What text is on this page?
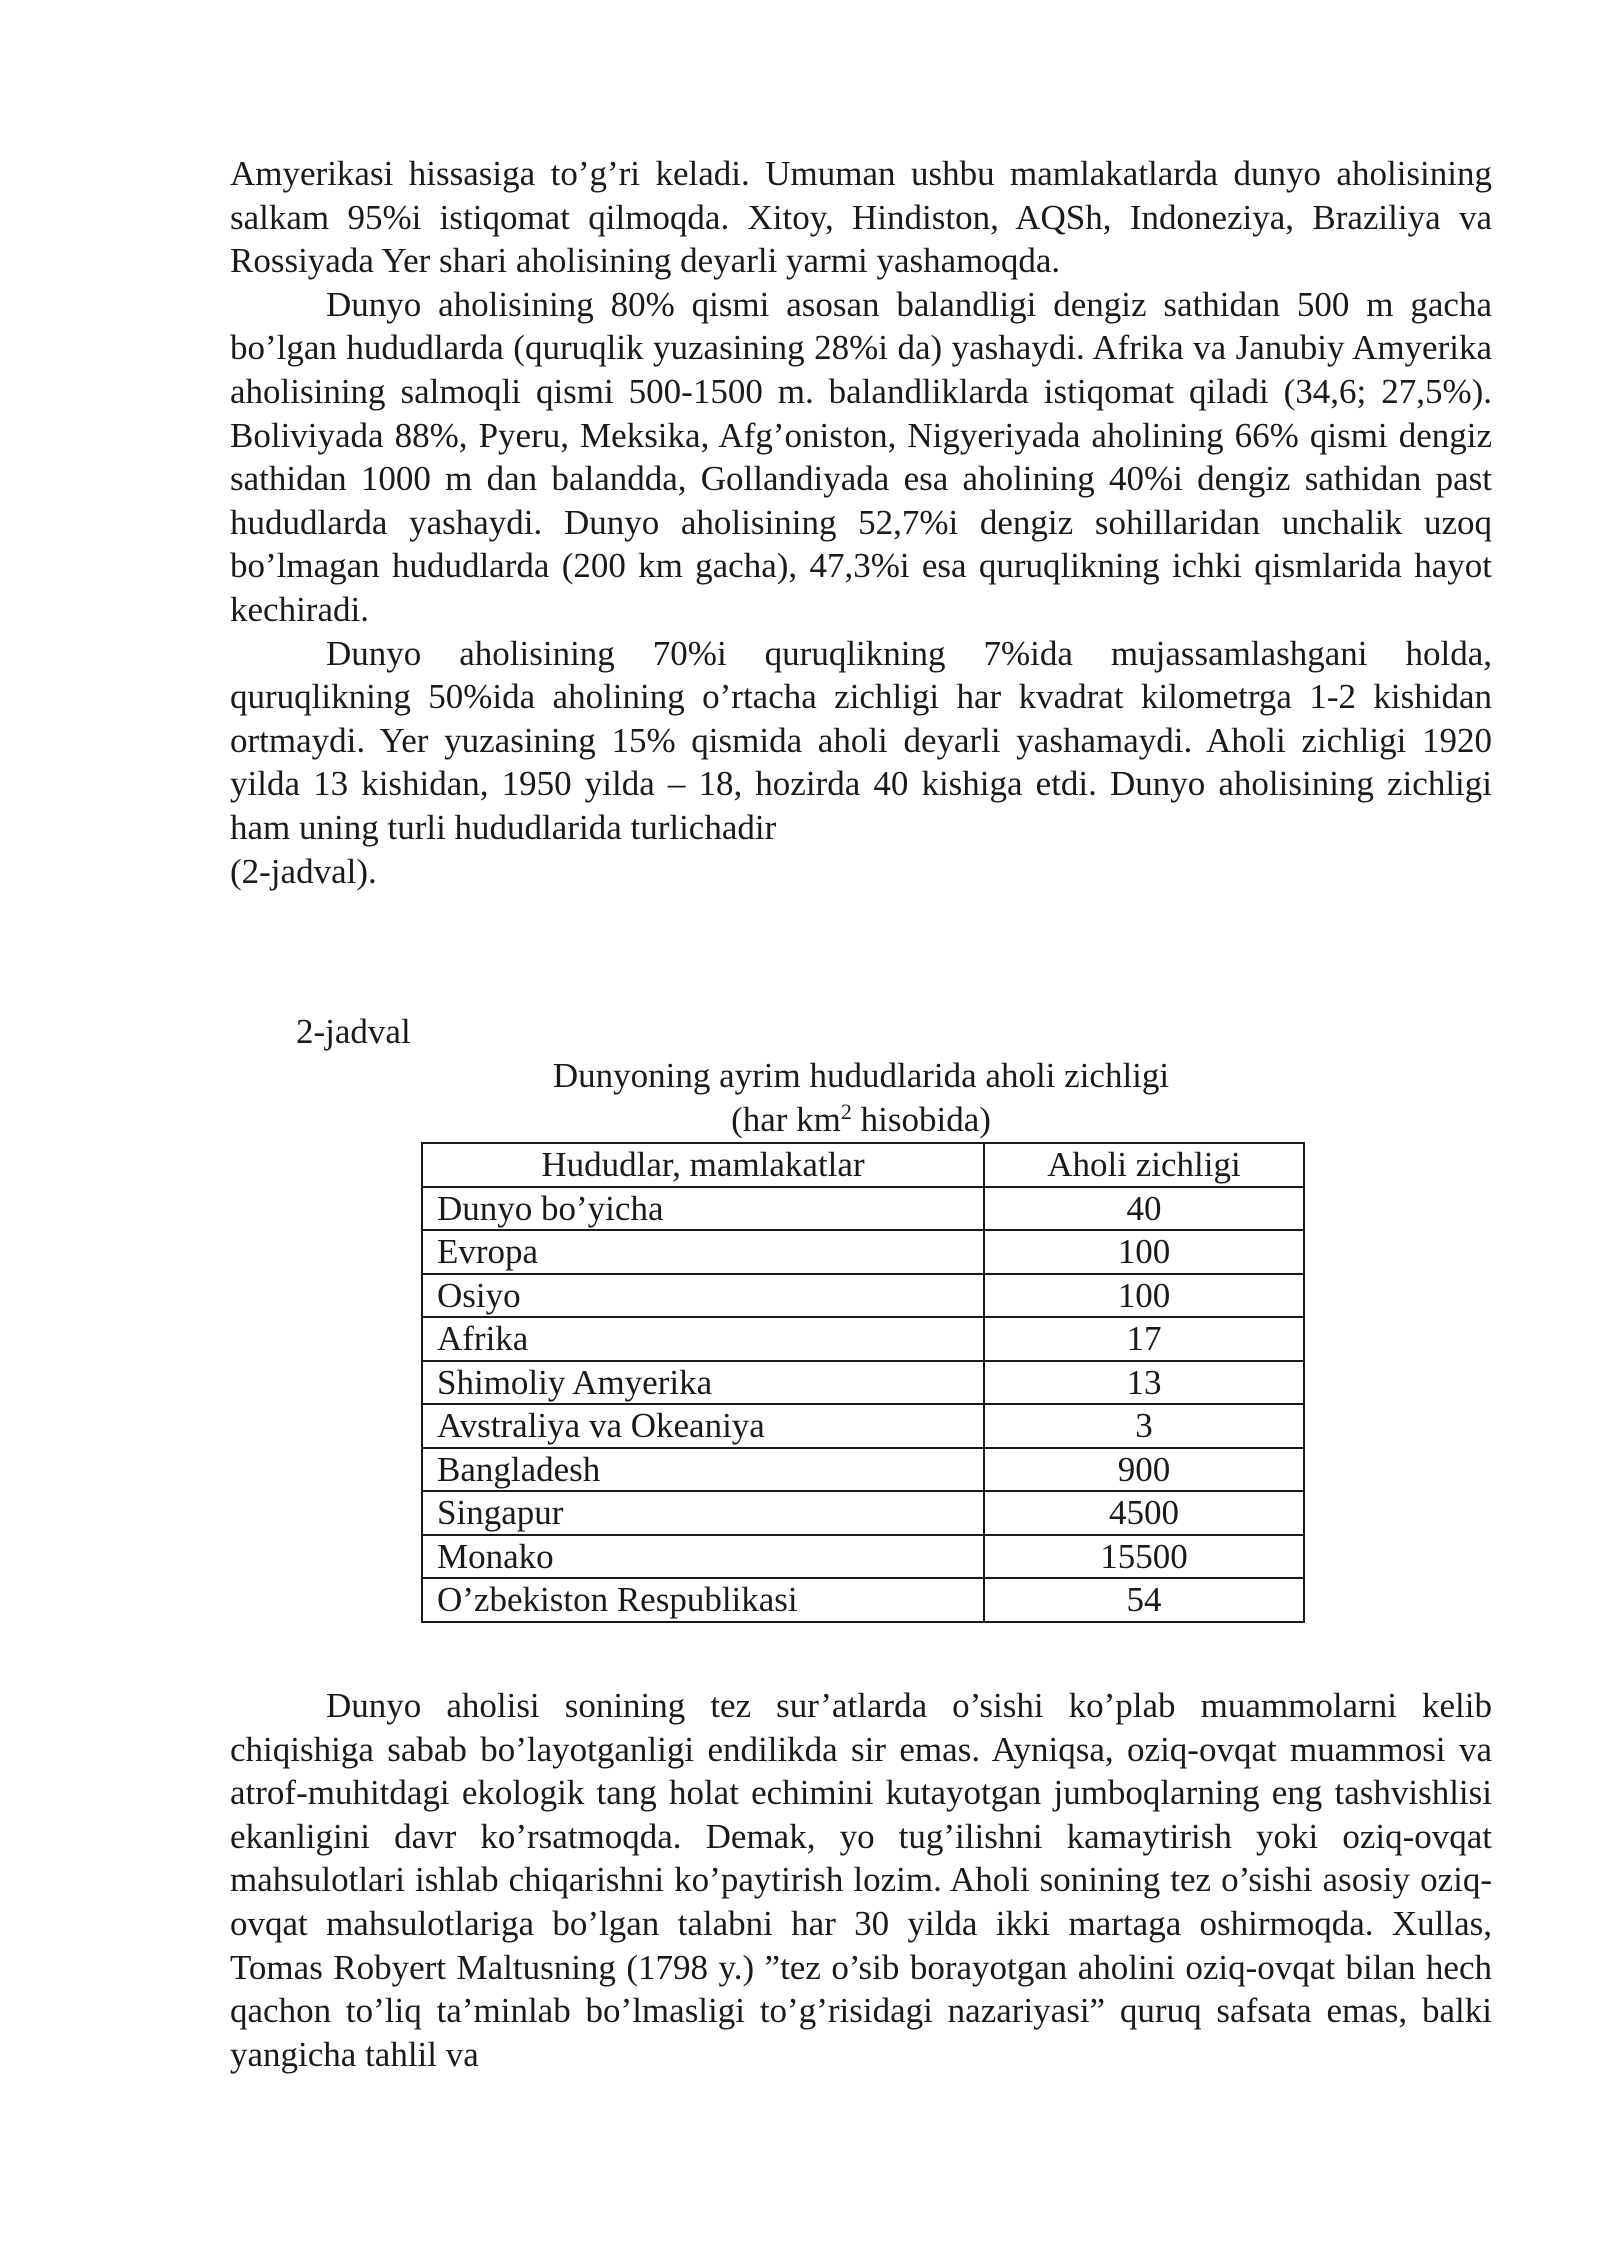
Amyerikasi hissasiga to’g’ri keladi. Umuman ushbu mamlakatlarda dunyo aholisining salkam 95%i istiqomat qilmoqda. Xitoy, Hindiston, AQSh, Indoneziya, Braziliya va Rossiyada Yer shari aholisining deyarli yarmi yashamoqda.

Dunyo aholisining 80% qismi asosan balandligi dengiz sathidan 500 m gacha bo’lgan hududlarda (quruqlik yuzasining 28%i da) yashaydi. Afrika va Janubiy Amyerika aholisining salmoqli qismi 500-1500 m. balandliklarda istiqomat qiladi (34,6; 27,5%). Boliviyada 88%, Pyeru, Meksika, Afg’oniston, Nigyeriyada aholining 66% qismi dengiz sathidan 1000 m dan balandda, Gollandiyada esa aholining 40%i dengiz sathidan past hududlarda yashaydi. Dunyo aholisining 52,7%i dengiz sohillaridan unchalik uzoq bo’lmagan hududlarda (200 km gacha), 47,3%i esa quruqlikning ichki qismlarida hayot kechiradi.

Dunyo aholisining 70%i quruqlikning 7%ida mujassamlashgani holda, quruqlikning 50%ida aholining o’rtacha zichligi har kvadrat kilometrga 1-2 kishidan ortmaydi. Yer yuzasining 15% qismida aholi deyarli yashamaydi. Aholi zichligi 1920 yilda 13 kishidan, 1950 yilda – 18, hozirda 40 kishiga etdi. Dunyo aholisining zichligi ham uning turli hududlarida turlichadir

(2-jadval).

2-jadval
Dunyoning ayrim hududlarida aholi zichligi
(har $km^2$ hisobida)
Hududlar, mamlakatlar	Aholi zichligi
Dunyo bo’yicha	40
Evropa	100
Osiyo	100
Afrika	17
Shimoliy Amyerika	13
Avstraliya va Okeaniya	3
Bangladesh	900
Singapur	4500
Monako	15500
O’zbekiston Respublikasi	54

Dunyo aholisi sonining tez sur’atlarda o’sishi ko’plab muammolarni kelib chiqishiga sabab bo’layotganligi endilikda sir emas. Ayniqsa, oziq-ovqat muammosi va atrof-muhitdagi ekologik tang holat echimini kutayotgan jumboqlarning eng tashvishlisi ekanligini davr ko’rsatmoqda. Demak, yo tug’ilishni kamaytirish yoki oziq-ovqat mahsulotlari ishlab chiqarishni ko’paytirish lozim. Aholi sonining tez o’sishi asosiy oziq-ovqat mahsulotlariga bo’lgan talabni har 30 yilda ikki martaga oshirmoqda. Xullas, Tomas Robyert Maltusning (1798 y.) ”tez o’sib borayotgan aholini oziq-ovqat bilan hech qachon to’liq ta’minlab bo’lmasligi to’g’risidagi nazariyasi” quruq safsata emas, balki yangicha tahlil va
